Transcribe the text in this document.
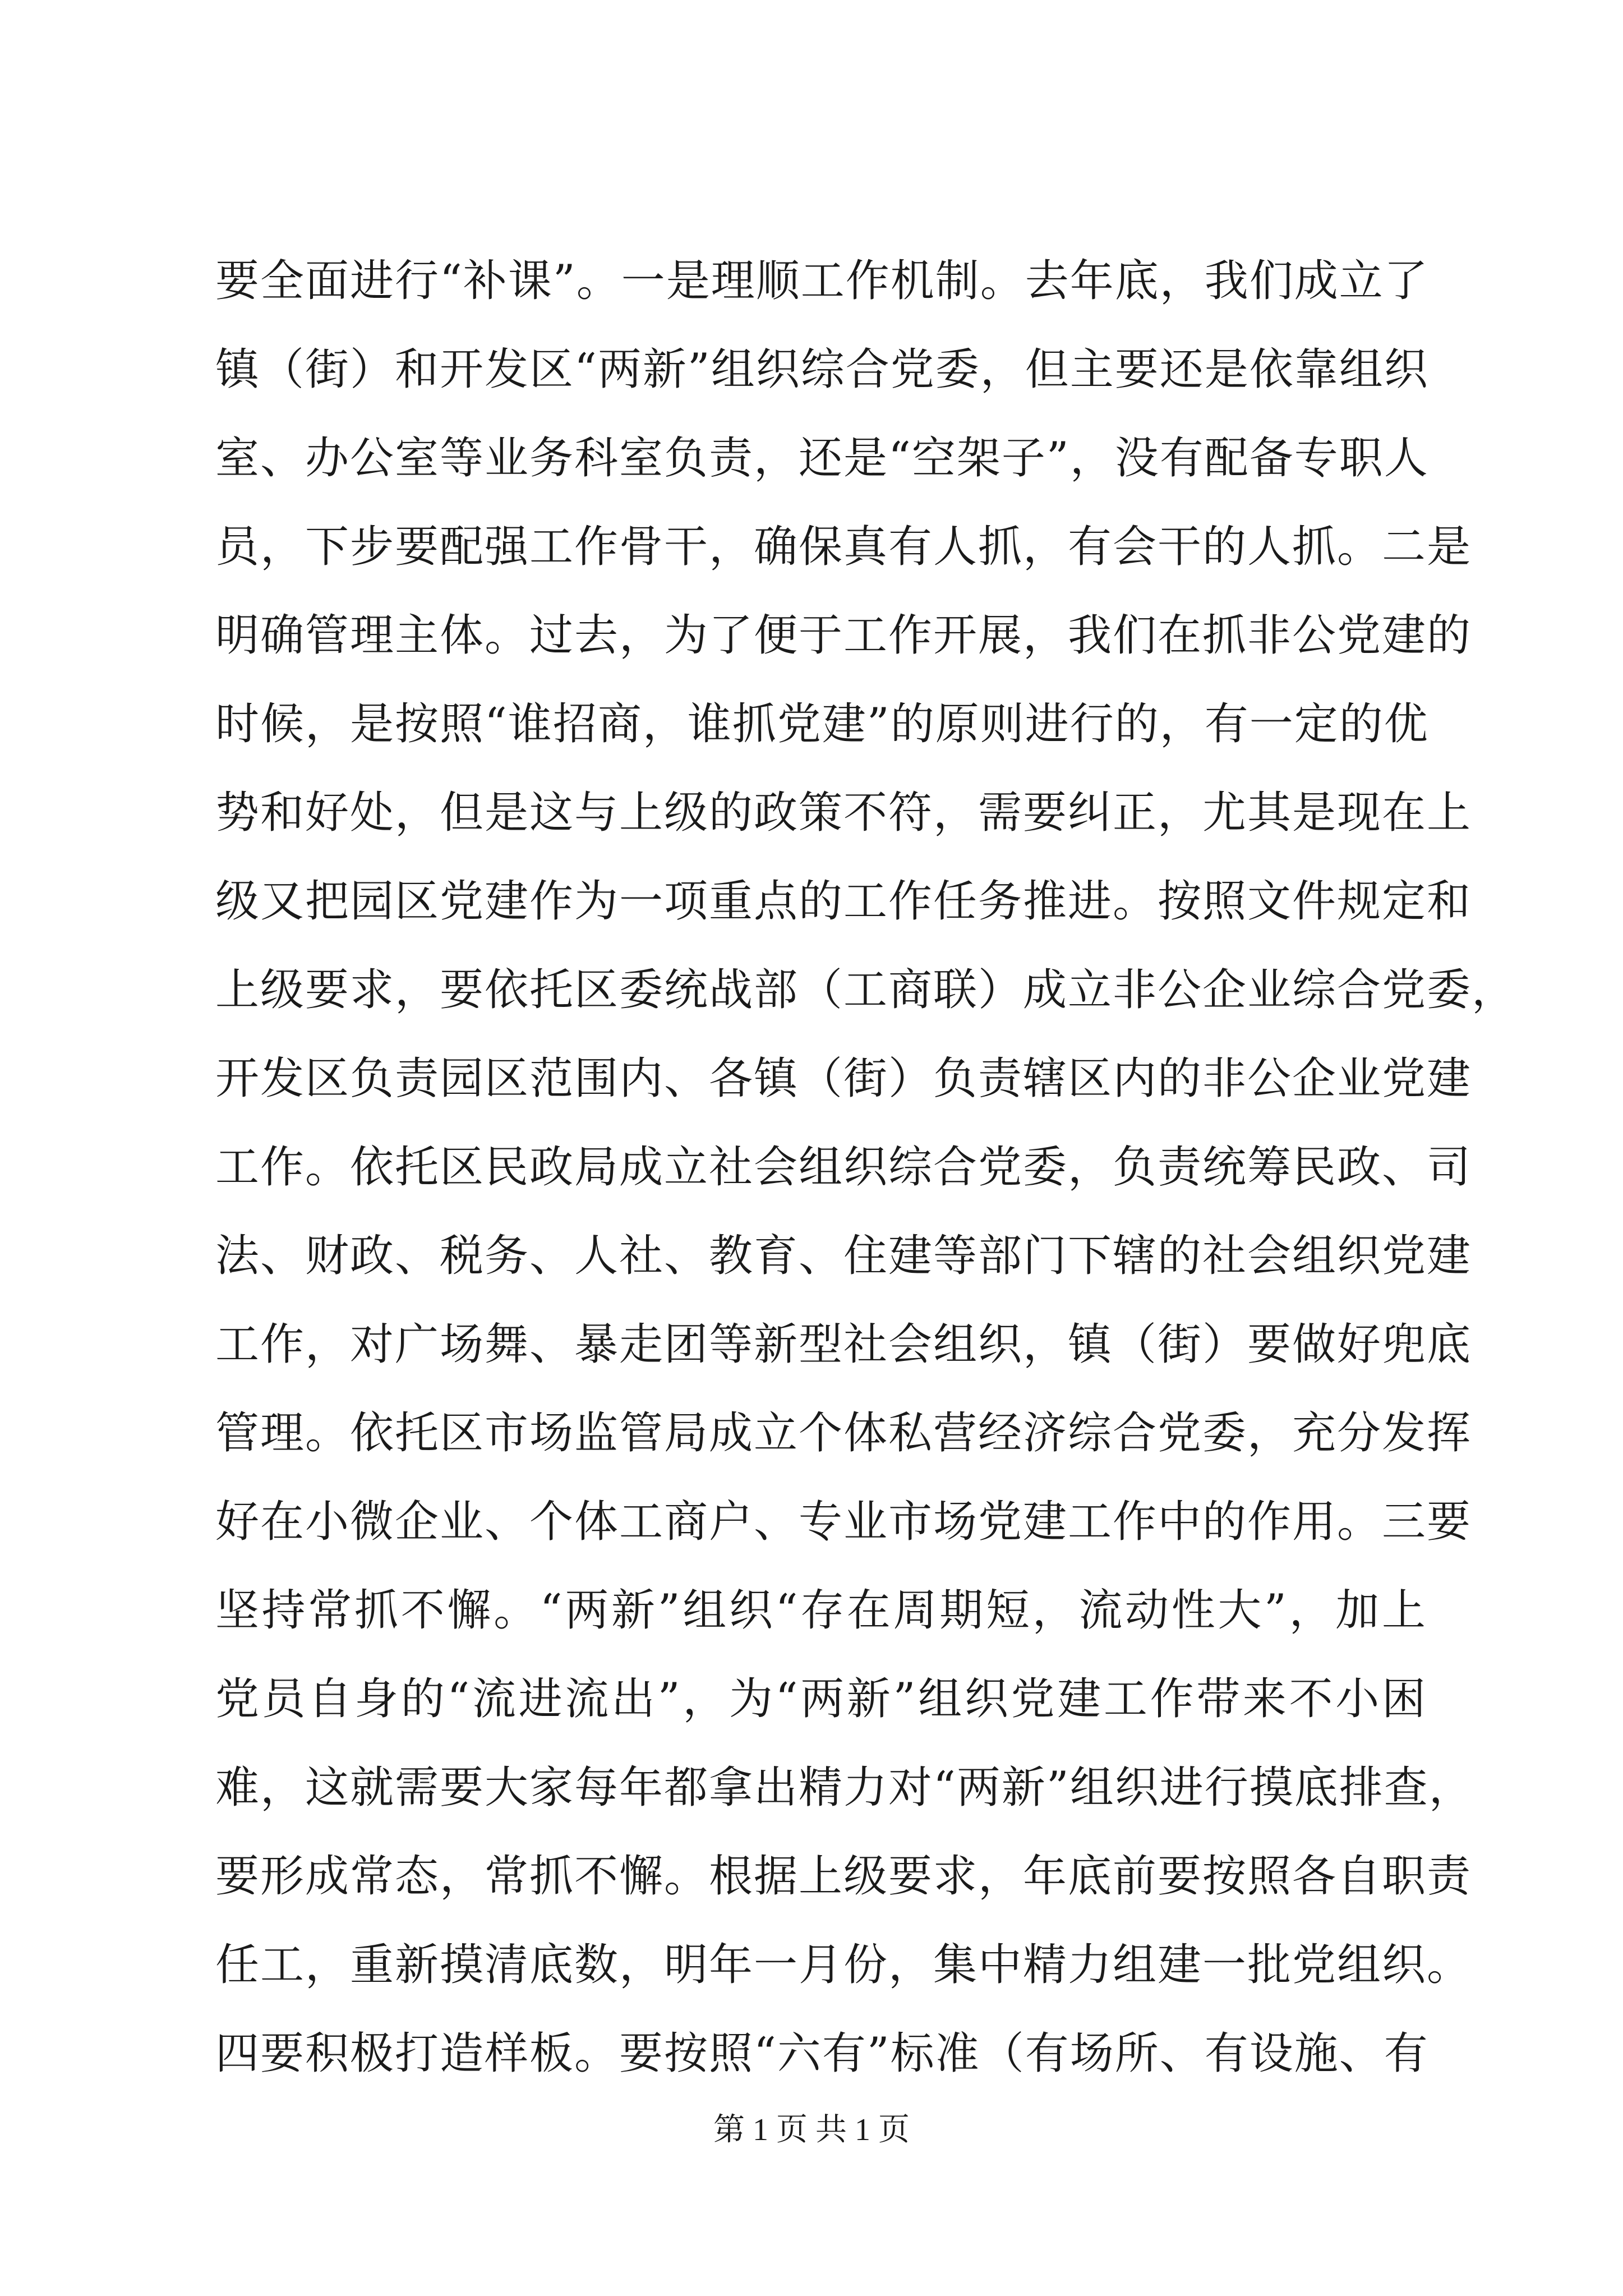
要全面进行“补课”。一是理顺工作机制。去年底，我们成立了
镇（街）和开发区“两新”组织综合党委，但主要还是依靠组织
室、办公室等业务科室负责，还是“空架子”，没有配备专职人
员，下步要配强工作骨干，确保真有人抓，有会干的人抓。二是
明确管理主体。过去，为了便于工作开展，我们在抓非公党建的
时候，是按照“谁招商，谁抓党建”的原则进行的，有一定的优
势和好处，但是这与上级的政策不符，需要纠正，尤其是现在上
级又把园区党建作为一项重点的工作任务推进。按照文件规定和
上级要求，要依托区委统战部（工商联）成立非公企业综合党委，
开发区负责园区范围内、各镇（街）负责辖区内的非公企业党建
工作。依托区民政局成立社会组织综合党委，负责统筹民政、司
法、财政、税务、人社、教育、住建等部门下辖的社会组织党建
工作，对广场舞、暴走团等新型社会组织，镇（街）要做好兜底
管理。依托区市场监管局成立个体私营经济综合党委，充分发挥
好在小微企业、个体工商户、专业市场党建工作中的作用。三要
坚持常抓不懈。“两新”组织“存在周期短，流动性大”，加上
党员自身的“流进流出”，为“两新”组织党建工作带来不小困
难，这就需要大家每年都拿出精力对“两新”组织进行摸底排查，
要形成常态，常抓不懈。根据上级要求，年底前要按照各自职责
任工，重新摸清底数，明年一月份，集中精力组建一批党组织。
四要积极打造样板。要按照“六有”标准（有场所、有设施、有
第 1 页 共 1 页
